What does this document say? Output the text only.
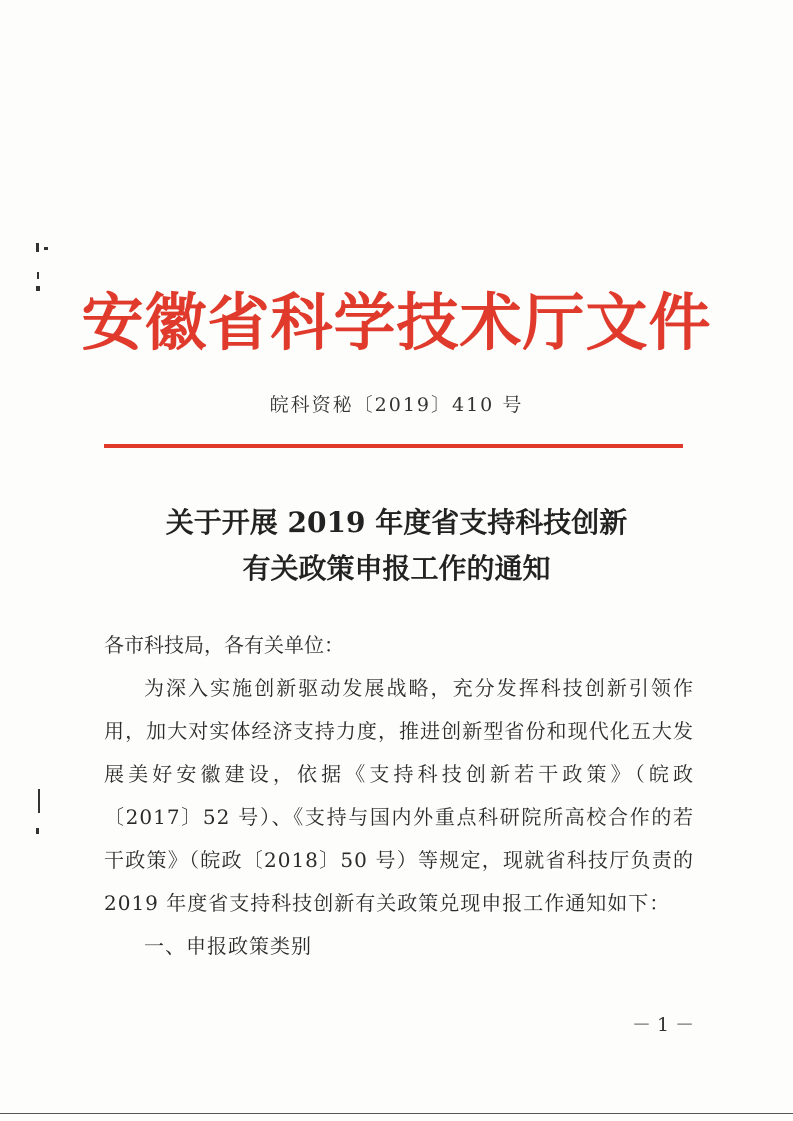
安徽省科学技术厅文件
皖科资秘〔2019〕410 号
关于开展 2019 年度省支持科技创新
有关政策申报工作的通知

各市科技局，各有关单位：

为深入实施创新驱动发展战略，充分发挥科技创新引领作用，加大对实体经济支持力度，推进创新型省份和现代化五大发展美好安徽建设，依据《支持科技创新若干政策》（皖政〔2017〕52 号）、《支持与国内外重点科研院所高校合作的若干政策》（皖政〔2018〕50 号）等规定，现就省科技厅负责的 2019 年度省支持科技创新有关政策兑现申报工作通知如下：

一、申报政策类别

－ 1 －
